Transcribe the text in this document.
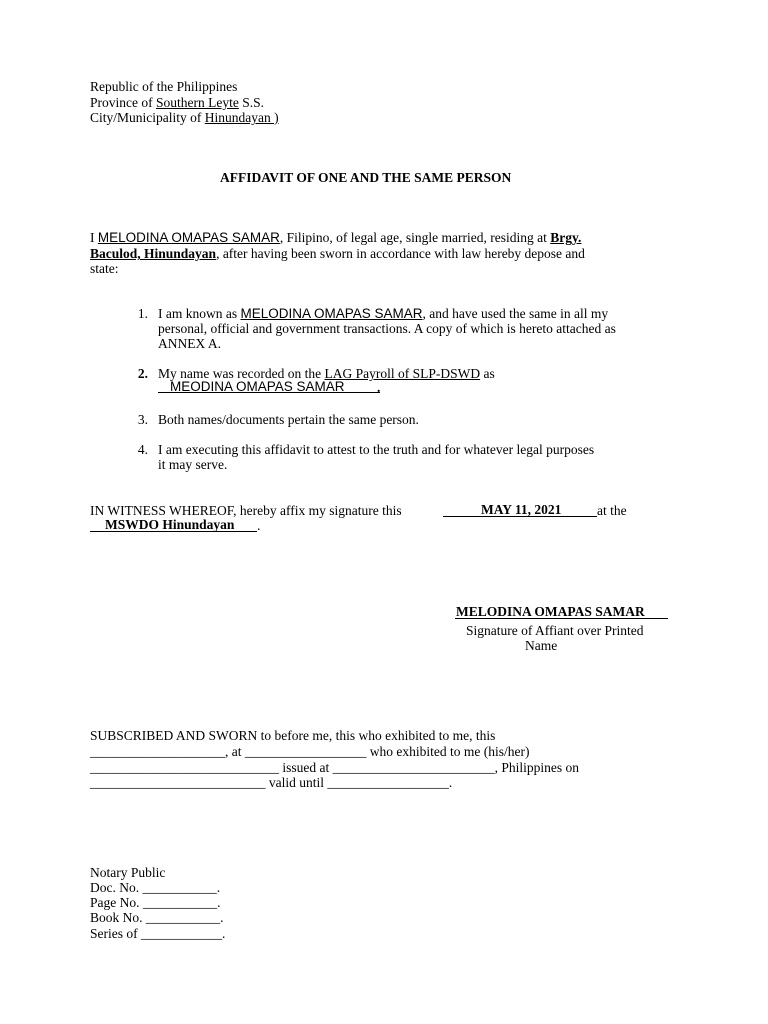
Republic of the Philippines
Province of Southern Leyte S.S.
City/Municipality of Hinundayan )
AFFIDAVIT OF ONE AND THE SAME PERSON
I MELODINA OMAPAS SAMAR, Filipino, of legal age, single married, residing at Brgy.
Baculod, Hinundayan, after having been sworn in accordance with law hereby depose and
state:
1. I am known as MELODINA OMAPAS SAMAR, and have used the same in all my
personal, official and government transactions. A copy of which is hereto attached as
ANNEX A.
2. My name was recorded on the LAG Payroll of SLP-DSWD as
MEODINA OMAPAS SAMAR .
3. Both names/documents pertain the same person.
4. I am executing this affidavit to attest to the truth and for whatever legal purposes
it may serve.
IN WITNESS WHEREOF, hereby affix my signature this	MAY 11, 2021	at the
MSWDO Hinundayan .
MELODINA OMAPAS SAMAR
Signature of Affiant over Printed
Name
SUBSCRIBED AND SWORN to before me, this who exhibited to me, this
____________________, at __________________ who exhibited to me (his/her)
____________________________ issued at ________________________, Philippines on
__________________________ valid until __________________.
Notary Public
Doc. No. ___________.
Page No. ___________.
Book No. ___________.
Series of ____________.
